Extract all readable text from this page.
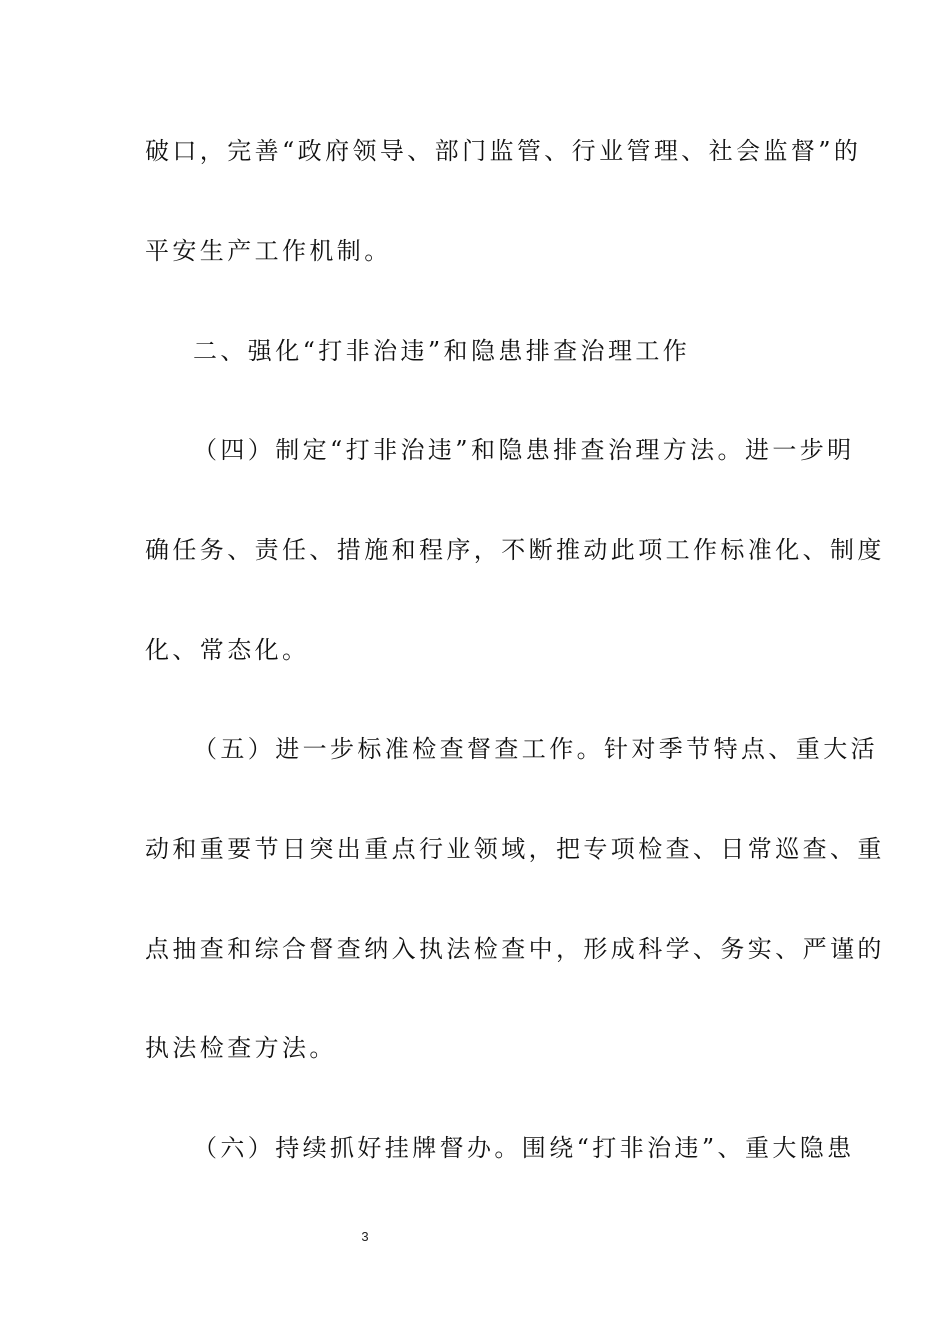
破口，完善“政府领导、部门监管、行业管理、社会监督”的
平安生产工作机制。
二、强化“打非治违”和隐患排查治理工作
（四）制定“打非治违”和隐患排查治理方法。进一步明
确任务、责任、措施和程序，不断推动此项工作标准化、制度
化、常态化。
（五）进一步标准检查督查工作。针对季节特点、重大活
动和重要节日突出重点行业领域，把专项检查、日常巡查、重
点抽查和综合督查纳入执法检查中，形成科学、务实、严谨的
执法检查方法。
（六）持续抓好挂牌督办。围绕“打非治违”、重大隐患
3
